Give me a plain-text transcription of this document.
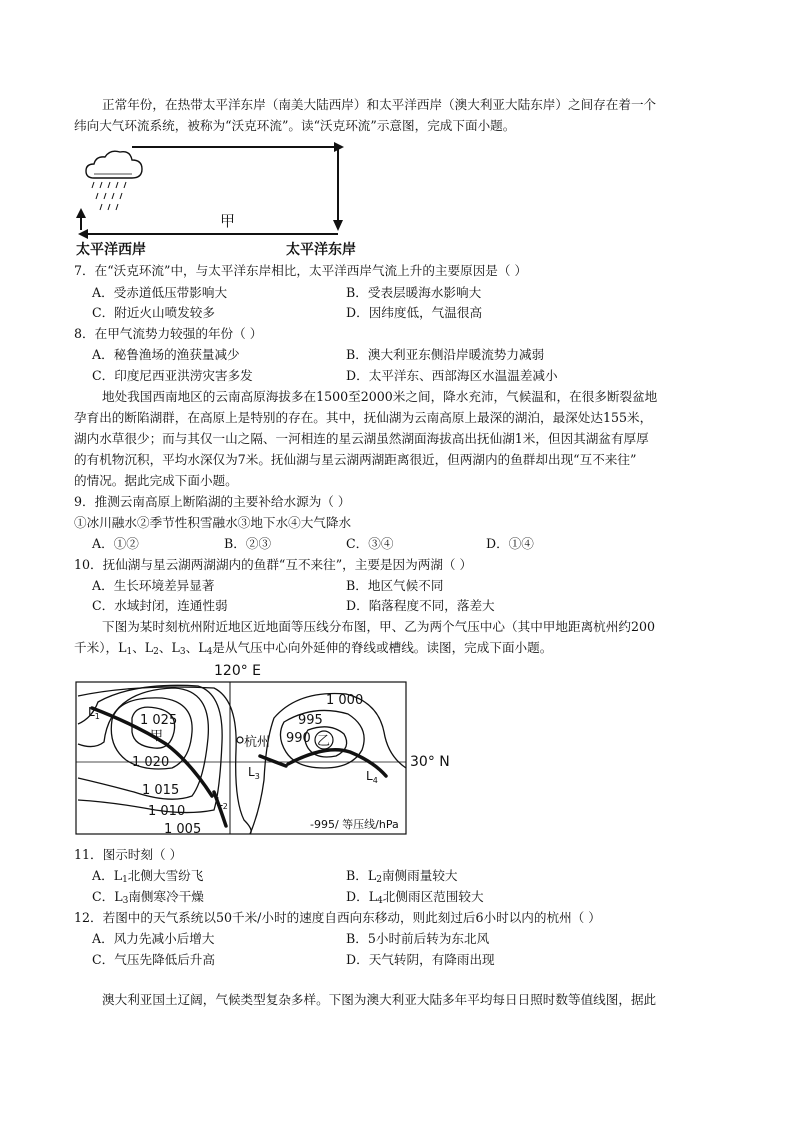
正常年份，在热带太平洋东岸（南美大陆西岸）和太平洋西岸（澳大利亚大陆东岸）之间存在着一个
纬向大气环流系统，被称为“沃克环流”。读“沃克环流”示意图，完成下面小题。
甲
太平洋西岸	太平洋东岸
7．在“沃克环流”中，与太平洋东岸相比，太平洋西岸气流上升的主要原因是（ ）
A．受赤道低压带影响大	B．受表层暖海水影响大
C．附近火山喷发较多	D．因纬度低，气温很高
8．在甲气流势力较强的年份（ ）
A．秘鲁渔场的渔获量减少	B．澳大利亚东侧沿岸暖流势力减弱
C．印度尼西亚洪涝灾害多发	D．太平洋东、西部海区水温温差减小
地处我国西南地区的云南高原海拔多在1500至2000米之间，降水充沛，气候温和，在很多断裂盆地
孕育出的断陷湖群，在高原上是特别的存在。其中，抚仙湖为云南高原上最深的湖泊，最深处达155米，
湖内水草很少；而与其仅一山之隔、一河相连的星云湖虽然湖面海拔高出抚仙湖1米，但因其湖盆有厚厚
的有机物沉积，平均水深仅为7米。抚仙湖与星云湖两湖距离很近，但两湖内的鱼群却出现“互不来往”
的情况。据此完成下面小题。
9．推测云南高原上断陷湖的主要补给水源为（ ）
①冰川融水②季节性积雪融水③地下水④大气降水
A．①②	B．②③	C．③④	D．①④
10．抚仙湖与星云湖两湖湖内的鱼群“互不来往”，主要是因为两湖（ ）
A．生长环境差异显著	B．地区气候不同
C．水域封闭，连通性弱	D．陷落程度不同，落差大
下图为某时刻杭州附近地区近地面等压线分布图，甲、乙为两个气压中心（其中甲地距离杭州约200
千米），$L_1$、$L_2$、$L_3$、$L_4$是从气压中心向外延伸的脊线或槽线。读图，完成下面小题。
120° E
30° N
甲	乙
杭州
1 025
1 020
1 015
1 010
1 005
1 000
995
990
$L_1$
$L_2$
$L_3$	$L_4$
-995/ 等压线/hPa
11．图示时刻（ ）
A．$L_1$北侧大雪纷飞	B．$L_2$南侧雨量较大
C．$L_3$南侧寒冷干燥	D．$L_4$北侧雨区范围较大
12．若图中的天气系统以50千米/小时的速度自西向东移动，则此刻过后6小时以内的杭州（ ）
A．风力先减小后增大	B．5小时前后转为东北风
C．气压先降低后升高	D．天气转阴，有降雨出现
澳大利亚国土辽阔，气候类型复杂多样。下图为澳大利亚大陆多年平均每日日照时数等值线图，据此
